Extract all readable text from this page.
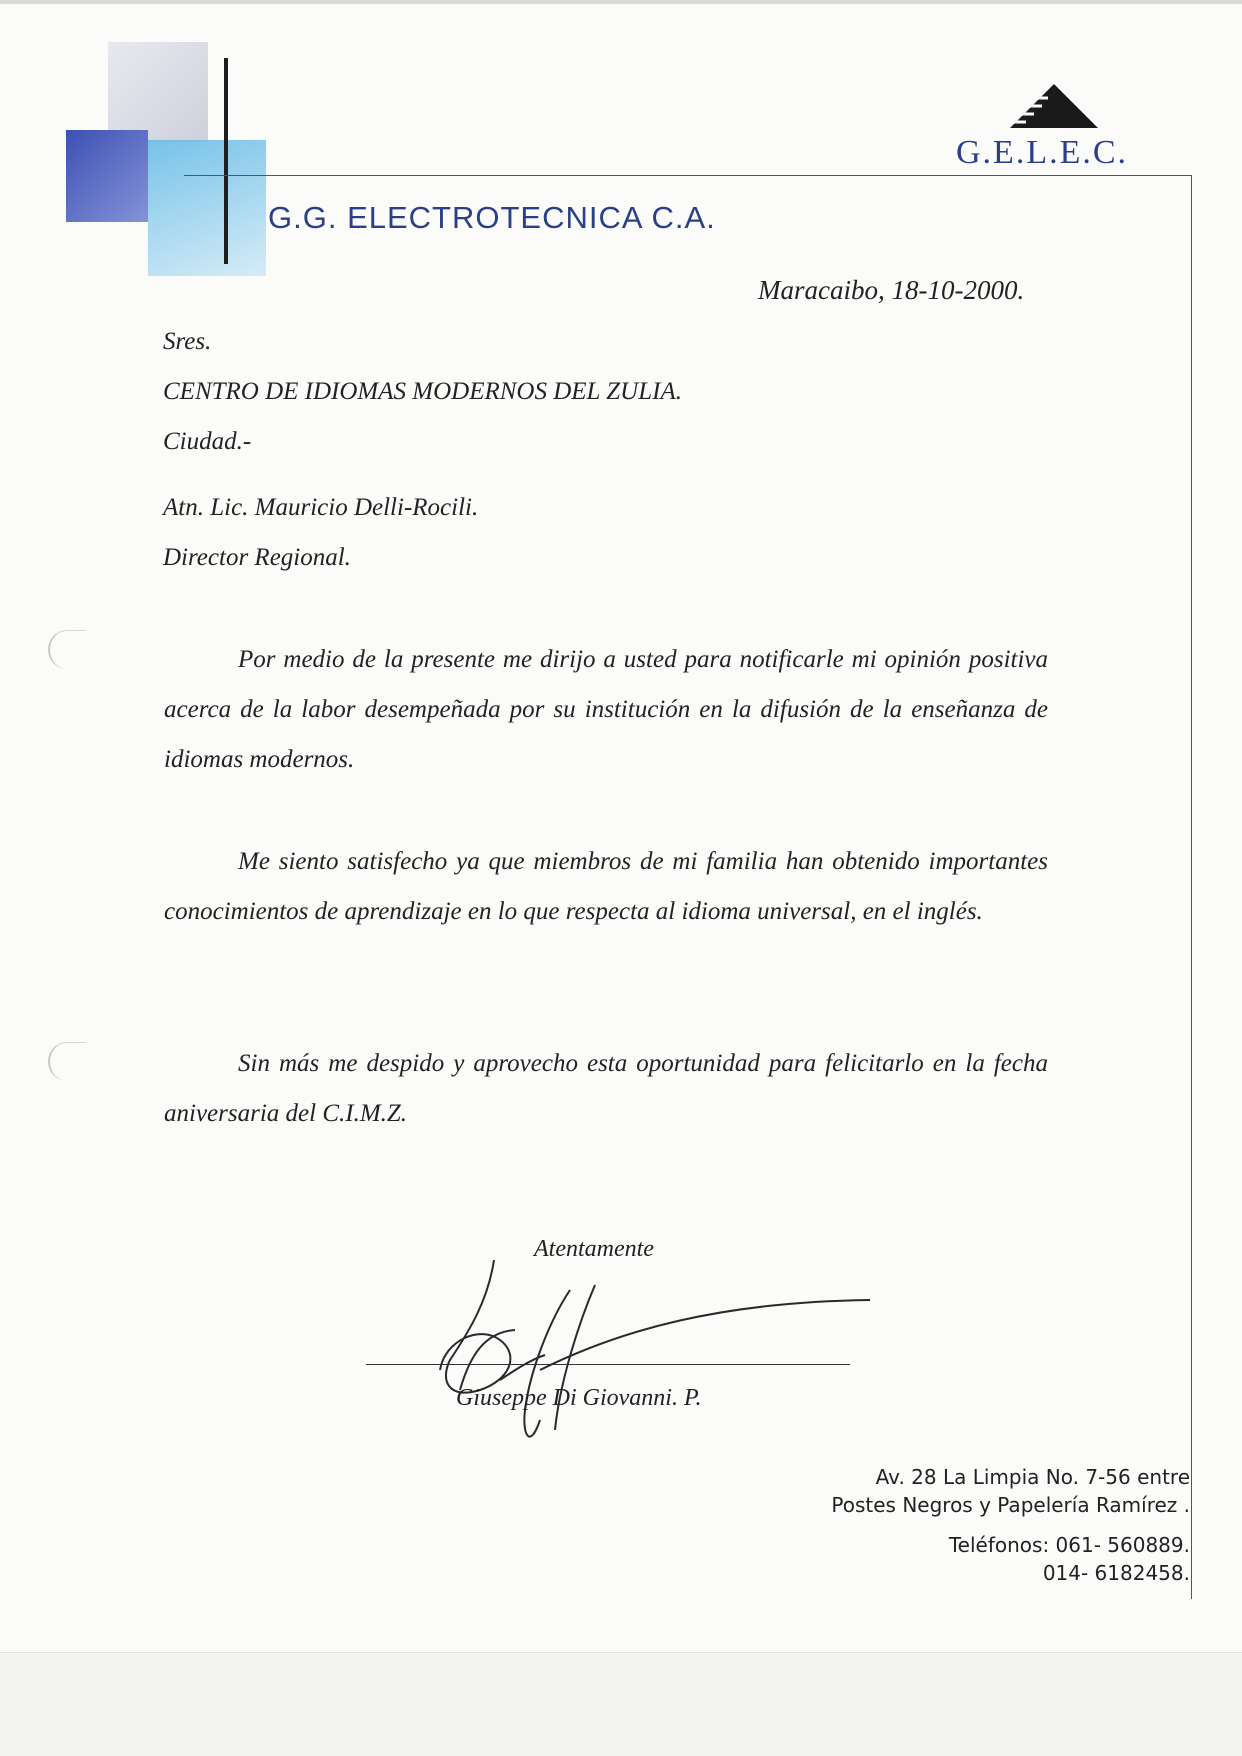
G.G. ELECTROTECNICA C.A.
G.E.L.E.C.
Maracaibo, 18-10-2000.
Sres.
CENTRO DE IDIOMAS MODERNOS DEL ZULIA.
Ciudad.-
Atn. Lic. Mauricio Delli-Rocili.
Director Regional.
Por medio de la presente me dirijo a usted para notificarle mi opinión positiva acerca de la labor desempeñada por su institución en la difusión de la enseñanza de idiomas modernos.
Me siento satisfecho ya que miembros de mi familia han obtenido importantes conocimientos de aprendizaje en lo que respecta al idioma universal, en el inglés.
Sin más me despido y aprovecho esta oportunidad para felicitarlo en la fecha aniversaria del C.I.M.Z.
Atentamente
Giuseppe Di Giovanni. P.
Av. 28 La Limpia No. 7-56 entre
Postes Negros y Papelería Ramírez .
Teléfonos: 061- 560889.
014- 6182458.
